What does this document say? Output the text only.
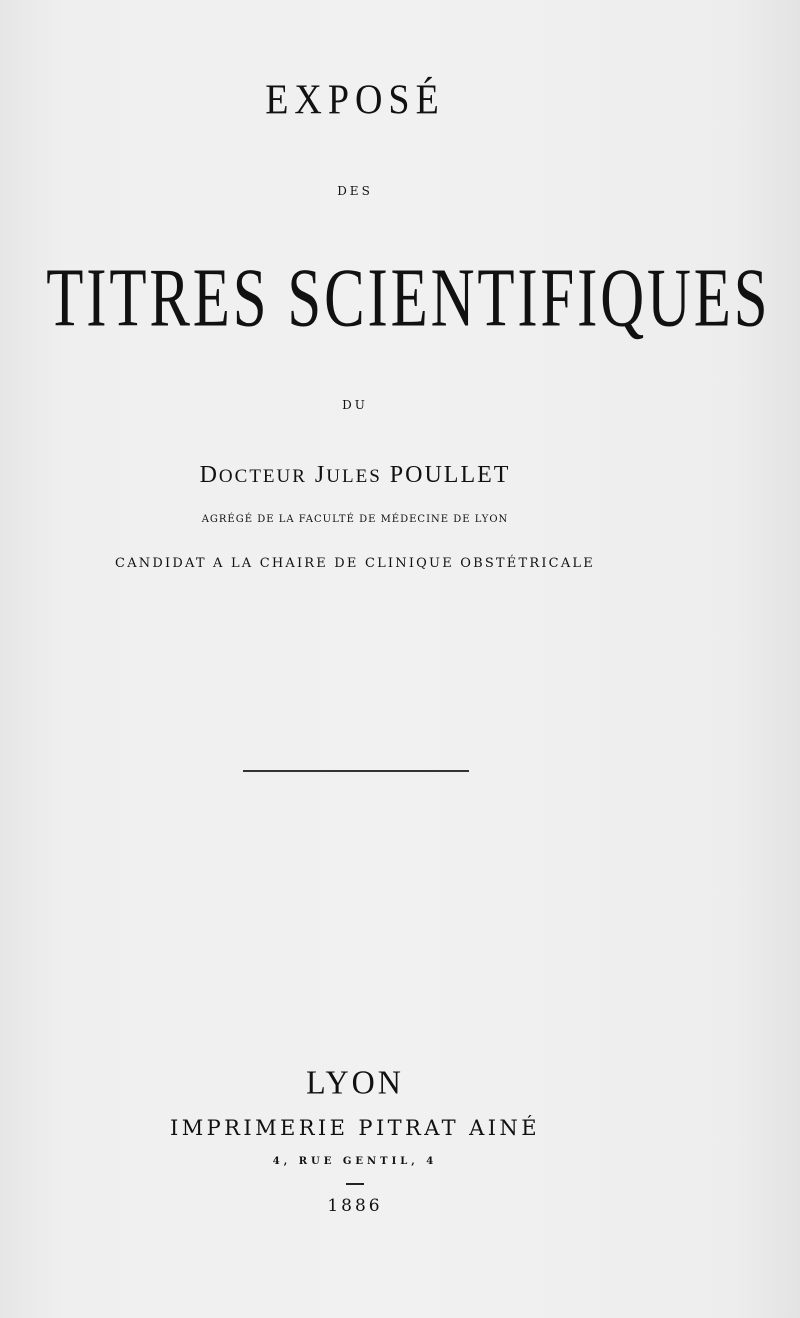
EXPOSÉ
DES
TITRES SCIENTIFIQUES
DU
DOCTEUR JULES POULLET
AGRÉGÉ DE LA FACULTÉ DE MÉDECINE DE LYON
CANDIDAT A LA CHAIRE DE CLINIQUE OBSTÉTRICALE
LYON
IMPRIMERIE PITRAT AINÉ
4, RUE GENTIL, 4
1886
